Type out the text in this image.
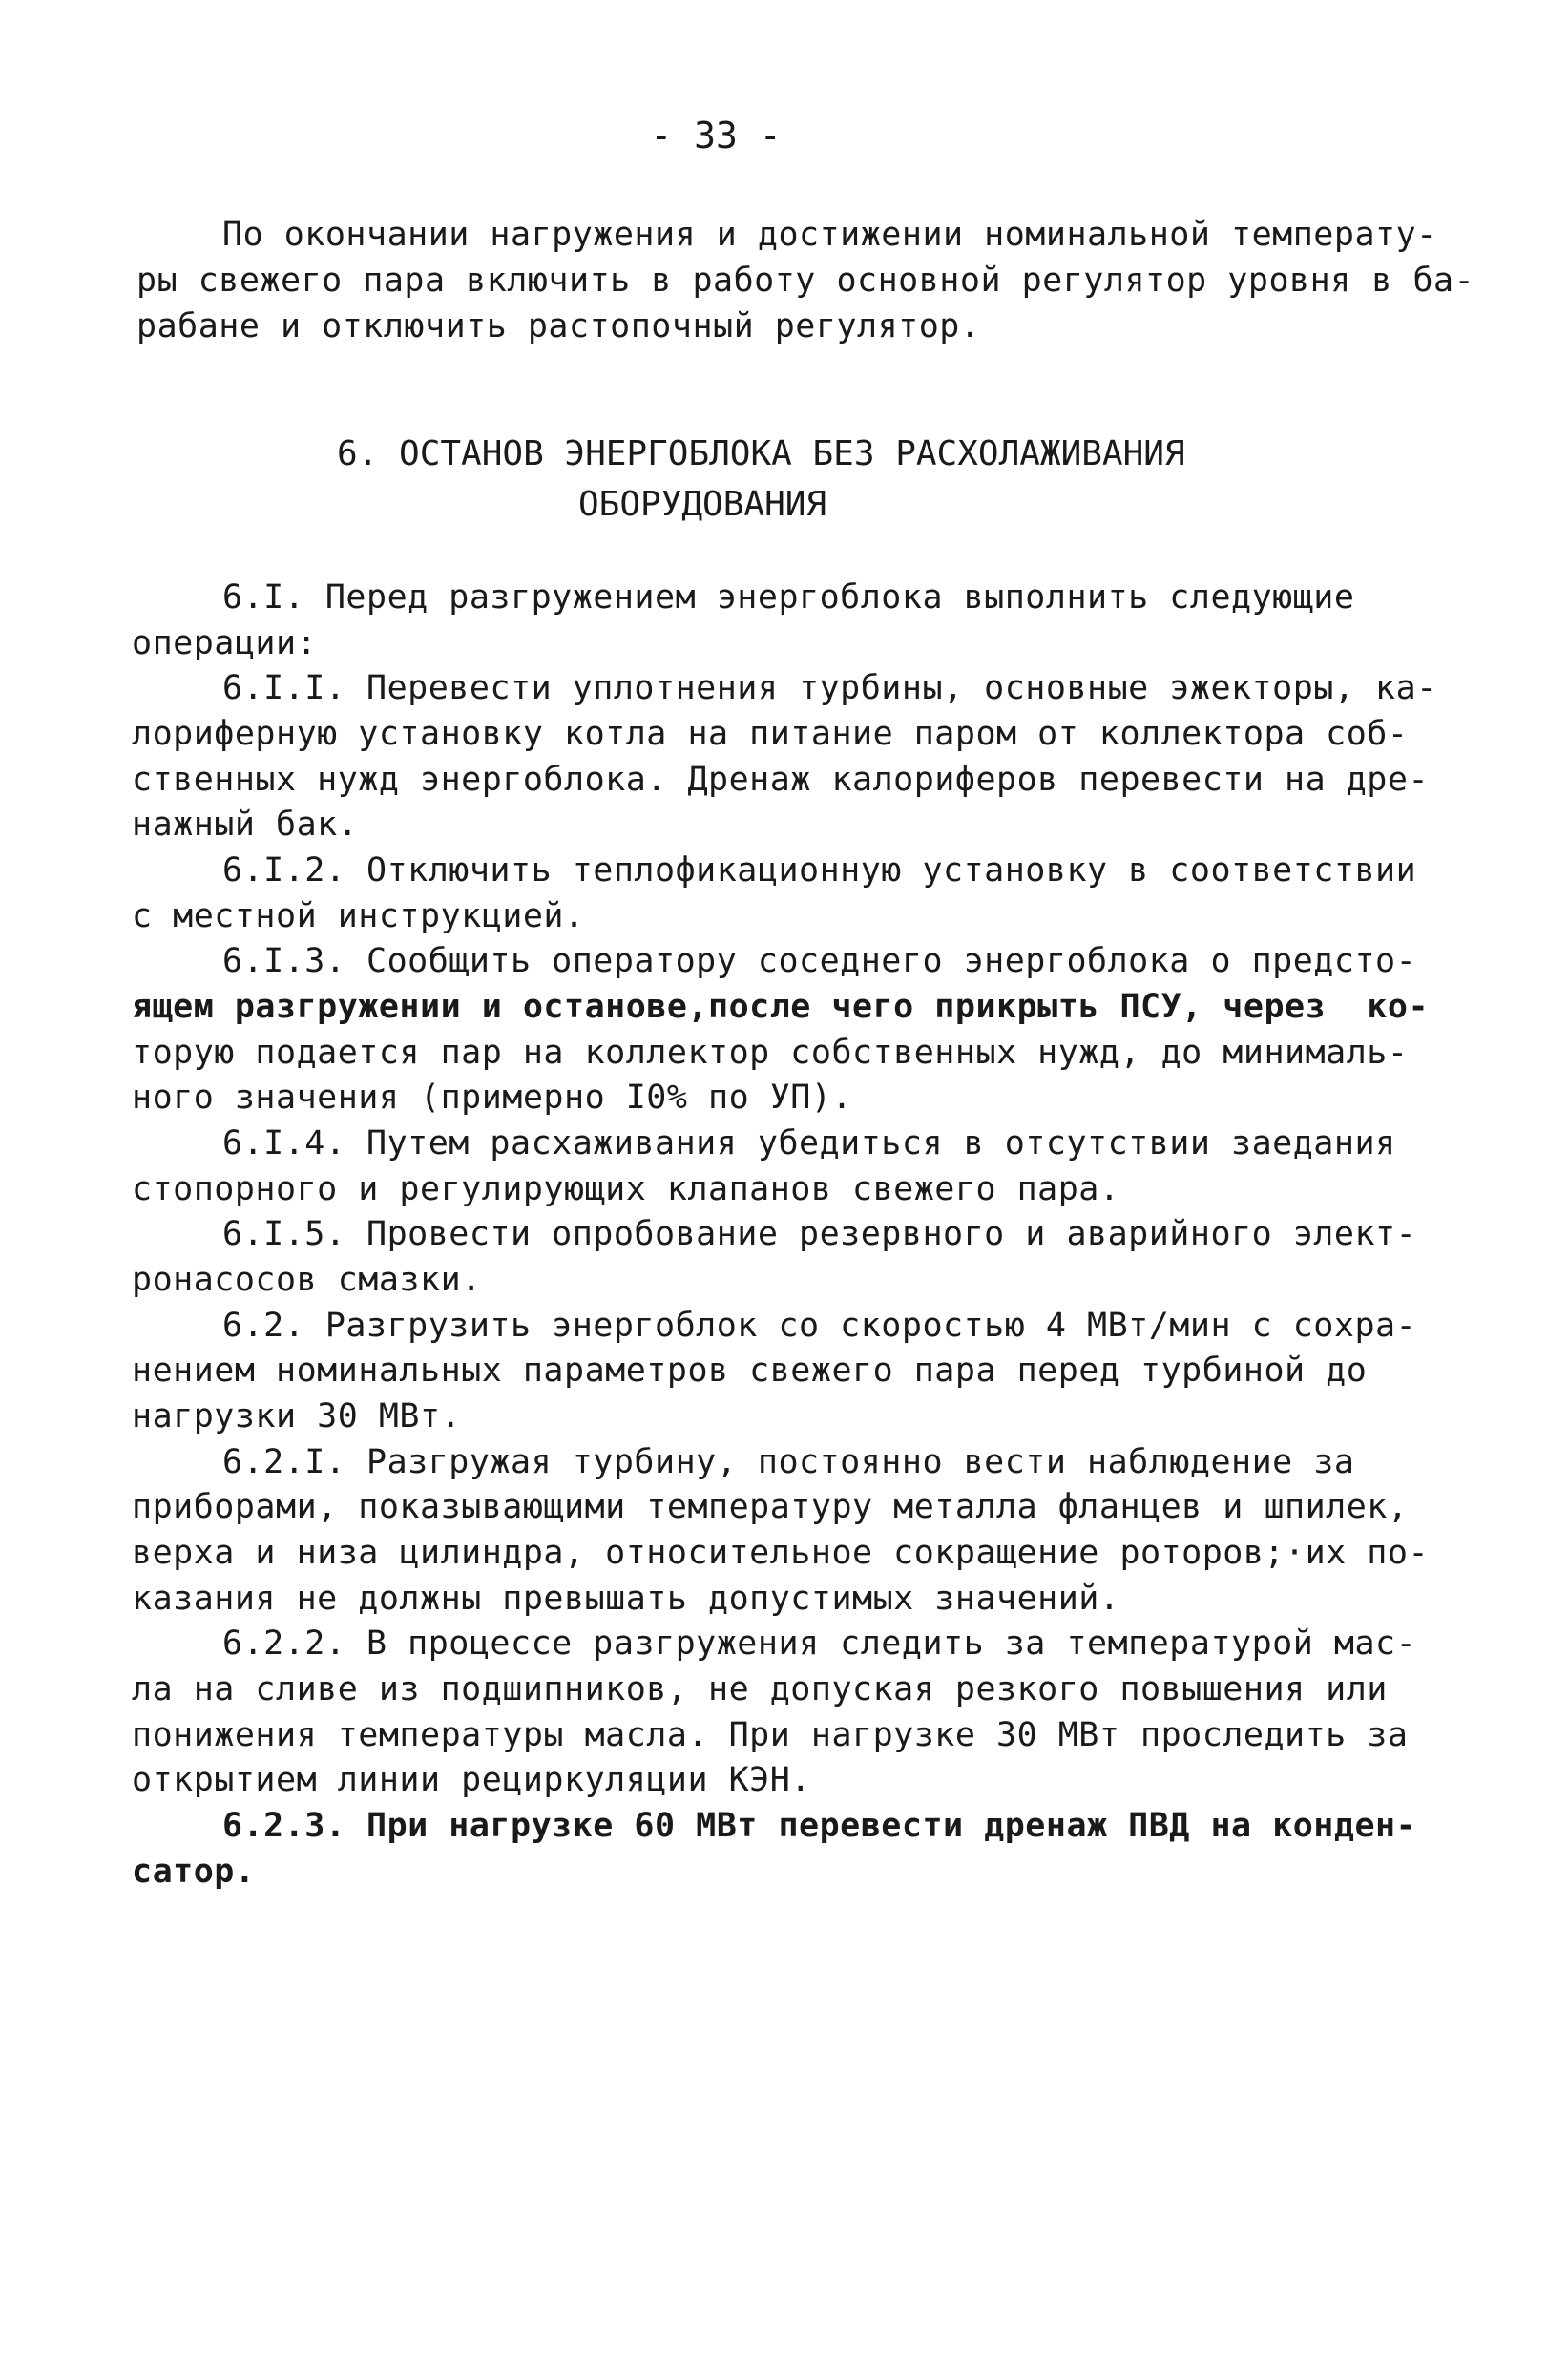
- 33 -
По окончании нагружения и достижении номинальной температу-
ры свежего пара включить в работу основной регулятор уровня в ба-
рабане и отключить растопочный регулятор.
6. ОСТАНОВ ЭНЕРГОБЛОКА БЕЗ РАСХОЛАЖИВАНИЯ
ОБОРУДОВАНИЯ
6.I. Перед разгружением энергоблока выполнить следующие
операции:
6.I.I. Перевести уплотнения турбины, основные эжекторы, ка-
лориферную установку котла на питание паром от коллектора соб-
ственных нужд энергоблока. Дренаж калориферов перевести на дре-
нажный бак.
6.I.2. Отключить теплофикационную установку в соответствии
с местной инструкцией.
6.I.3. Сообщить оператору соседнего энергоблока о предсто-
ящем разгружении и останове,после чего прикрыть ПСУ, через  ко-
торую подается пар на коллектор собственных нужд, до минималь-
ного значения (примерно I0% по УП).
6.I.4. Путем расхаживания убедиться в отсутствии заедания
стопорного и регулирующих клапанов свежего пара.
6.I.5. Провести опробование резервного и аварийного элект-
ронасосов смазки.
6.2. Разгрузить энергоблок со скоростью 4 МВт/мин с сохра-
нением номинальных параметров свежего пара перед турбиной до
нагрузки 30 МВт.
6.2.I. Разгружая турбину, постоянно вести наблюдение за
приборами, показывающими температуру металла фланцев и шпилек,
верха и низа цилиндра, относительное сокращение роторов;·их по-
казания не должны превышать допустимых значений.
6.2.2. В процессе разгружения следить за температурой мас-
ла на сливе из подшипников, не допуская резкого повышения или
понижения температуры масла. При нагрузке 30 МВт проследить за
открытием линии рециркуляции КЭН.
6.2.3. При нагрузке 60 МВт перевести дренаж ПВД на конден-
сатор.
